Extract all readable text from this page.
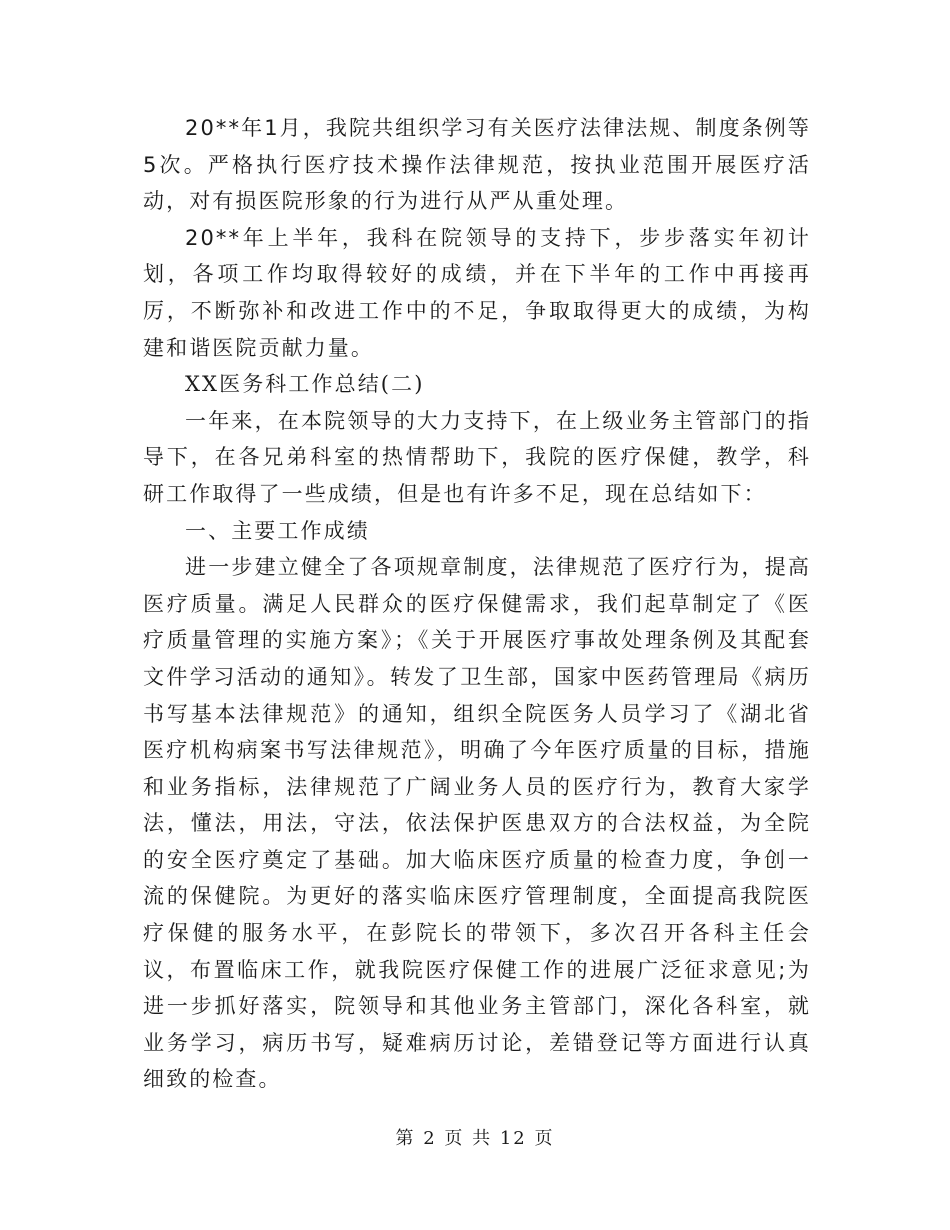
20**年1月，我院共组织学习有关医疗法律法规、制度条例等5次。严格执行医疗技术操作法律规范，按执业范围开展医疗活动，对有损医院形象的行为进行从严从重处理。

20**年上半年，我科在院领导的支持下，步步落实年初计划，各项工作均取得较好的成绩，并在下半年的工作中再接再厉，不断弥补和改进工作中的不足，争取取得更大的成绩，为构建和谐医院贡献力量。

XX医务科工作总结(二)

一年来，在本院领导的大力支持下，在上级业务主管部门的指导下，在各兄弟科室的热情帮助下，我院的医疗保健，教学，科研工作取得了一些成绩，但是也有许多不足，现在总结如下：

一、主要工作成绩

进一步建立健全了各项规章制度，法律规范了医疗行为，提高医疗质量。满足人民群众的医疗保健需求，我们起草制定了《医疗质量管理的实施方案》；《关于开展医疗事故处理条例及其配套文件学习活动的通知》。转发了卫生部，国家中医药管理局《病历书写基本法律规范》的通知，组织全院医务人员学习了《湖北省医疗机构病案书写法律规范》，明确了今年医疗质量的目标，措施和业务指标，法律规范了广阔业务人员的医疗行为，教育大家学法，懂法，用法，守法，依法保护医患双方的合法权益，为全院的安全医疗奠定了基础。加大临床医疗质量的检查力度，争创一流的保健院。为更好的落实临床医疗管理制度，全面提高我院医疗保健的服务水平，在彭院长的带领下，多次召开各科主任会议，布置临床工作，就我院医疗保健工作的进展广泛征求意见;为进一步抓好落实，院领导和其他业务主管部门，深化各科室，就业务学习，病历书写，疑难病历讨论，差错登记等方面进行认真细致的检查。

第 2 页 共 12 页
